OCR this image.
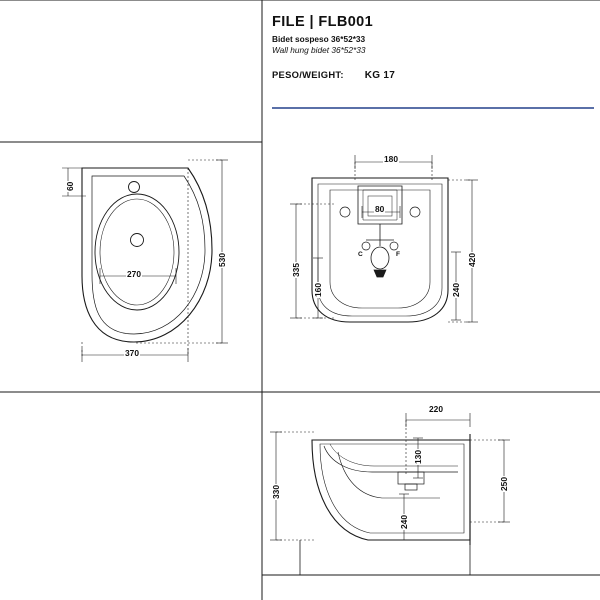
FILE | FLB001
Bidet sospeso 36*52*33
Wall hung bidet 36*52*33
PESO/WEIGHT: KG 17
60
270
530
370
180
80
335
160	240
420
C	F
220
130
330
240
250
